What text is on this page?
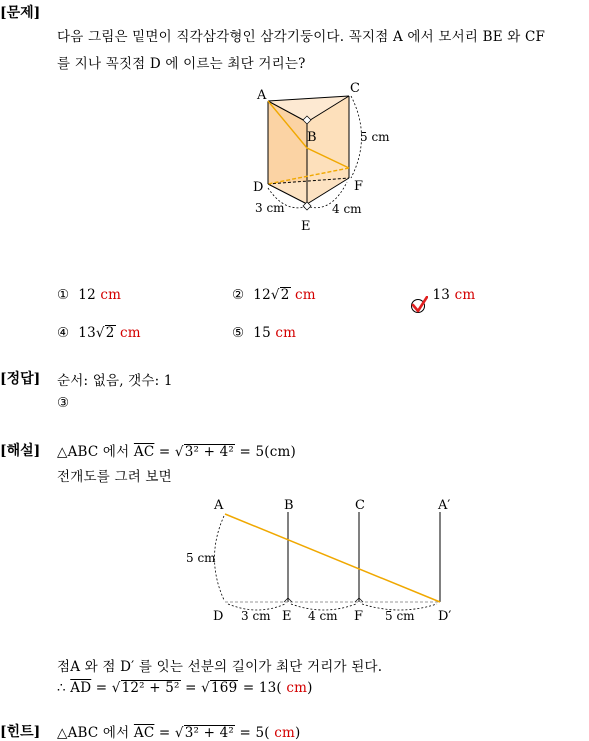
[문제]
다음 그림은 밑면이 직각삼각형인 삼각기둥이다. 꼭지점 A 에서 모서리 BE 와 CF
를 지나 꼭짓점 D 에 이르는 최단 거리는?
A
B
C
D
E
F
5 cm
3 cm	4 cm
① 12 cm	② 12√2 cm	13 cm
④ 13√2 cm	⑤ 15 cm
[정답] 순서: 없음, 갯수: 1
③
[해설] △ABC 에서 $\overline{AC} = √3^2 + 4^2 = 5(cm)$
전개도를 그려 보면
A	B	C	A′
D	E	F	D′
5 cm
3 cm	4 cm	5 cm
점A 와 점 D′ 를 잇는 선분의 길이가 최단 거리가 된다.
∴ $\overline{AD} = √12^2 + 5^2 = √169 = 13$( cm)
[힌트] △ABC 에서 $\overline{AC} = √3^2 + 4^2 = 5$( cm)
